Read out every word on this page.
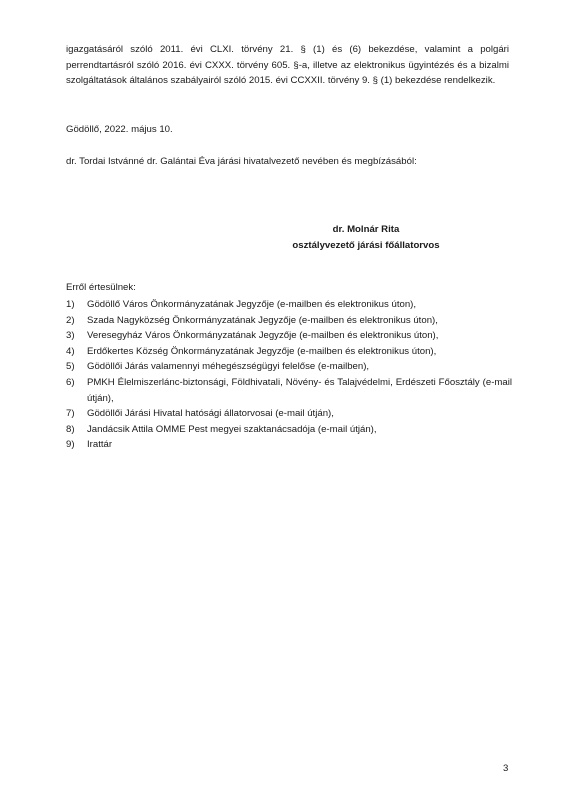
igazgatásáról szóló 2011. évi CLXI. törvény 21. § (1) és (6) bekezdése, valamint a polgári perrendtartásról szóló 2016. évi CXXX. törvény 605. §-a, illetve az elektronikus ügyintézés és a bizalmi szolgáltatások általános szabályairól szóló 2015. évi CCXXII. törvény 9. § (1) bekezdése rendelkezik.

Gödöllő, 2022. május 10.

dr. Tordai Istvánné dr. Galántai Éva járási hivatalvezető nevében és megbízásából:

dr. Molnár Rita

osztályvezető járási főállatorvos

Erről értesülnek:

1)	Gödöllő Város Önkormányzatának Jegyzője (e-mailben és elektronikus úton),
2)	Szada Nagyközség Önkormányzatának Jegyzője (e-mailben és elektronikus úton),
3)	Veresegyház Város Önkormányzatának Jegyzője (e-mailben és elektronikus úton),
4)	Erdőkertes Község Önkormányzatának Jegyzője (e-mailben és elektronikus úton),
5)	Gödöllői Járás valamennyi méhegészségügyi felelőse (e-mailben),
6)	PMKH Élelmiszerlánc-biztonsági, Földhivatali, Növény- és Talajvédelmi, Erdészeti Főosztály (e-mail útján),
7)	Gödöllői Járási Hivatal hatósági állatorvosai (e-mail útján),
8)	Jandácsik Attila OMME Pest megyei szaktanácsadója (e-mail útján),
9)	Irattár

3
